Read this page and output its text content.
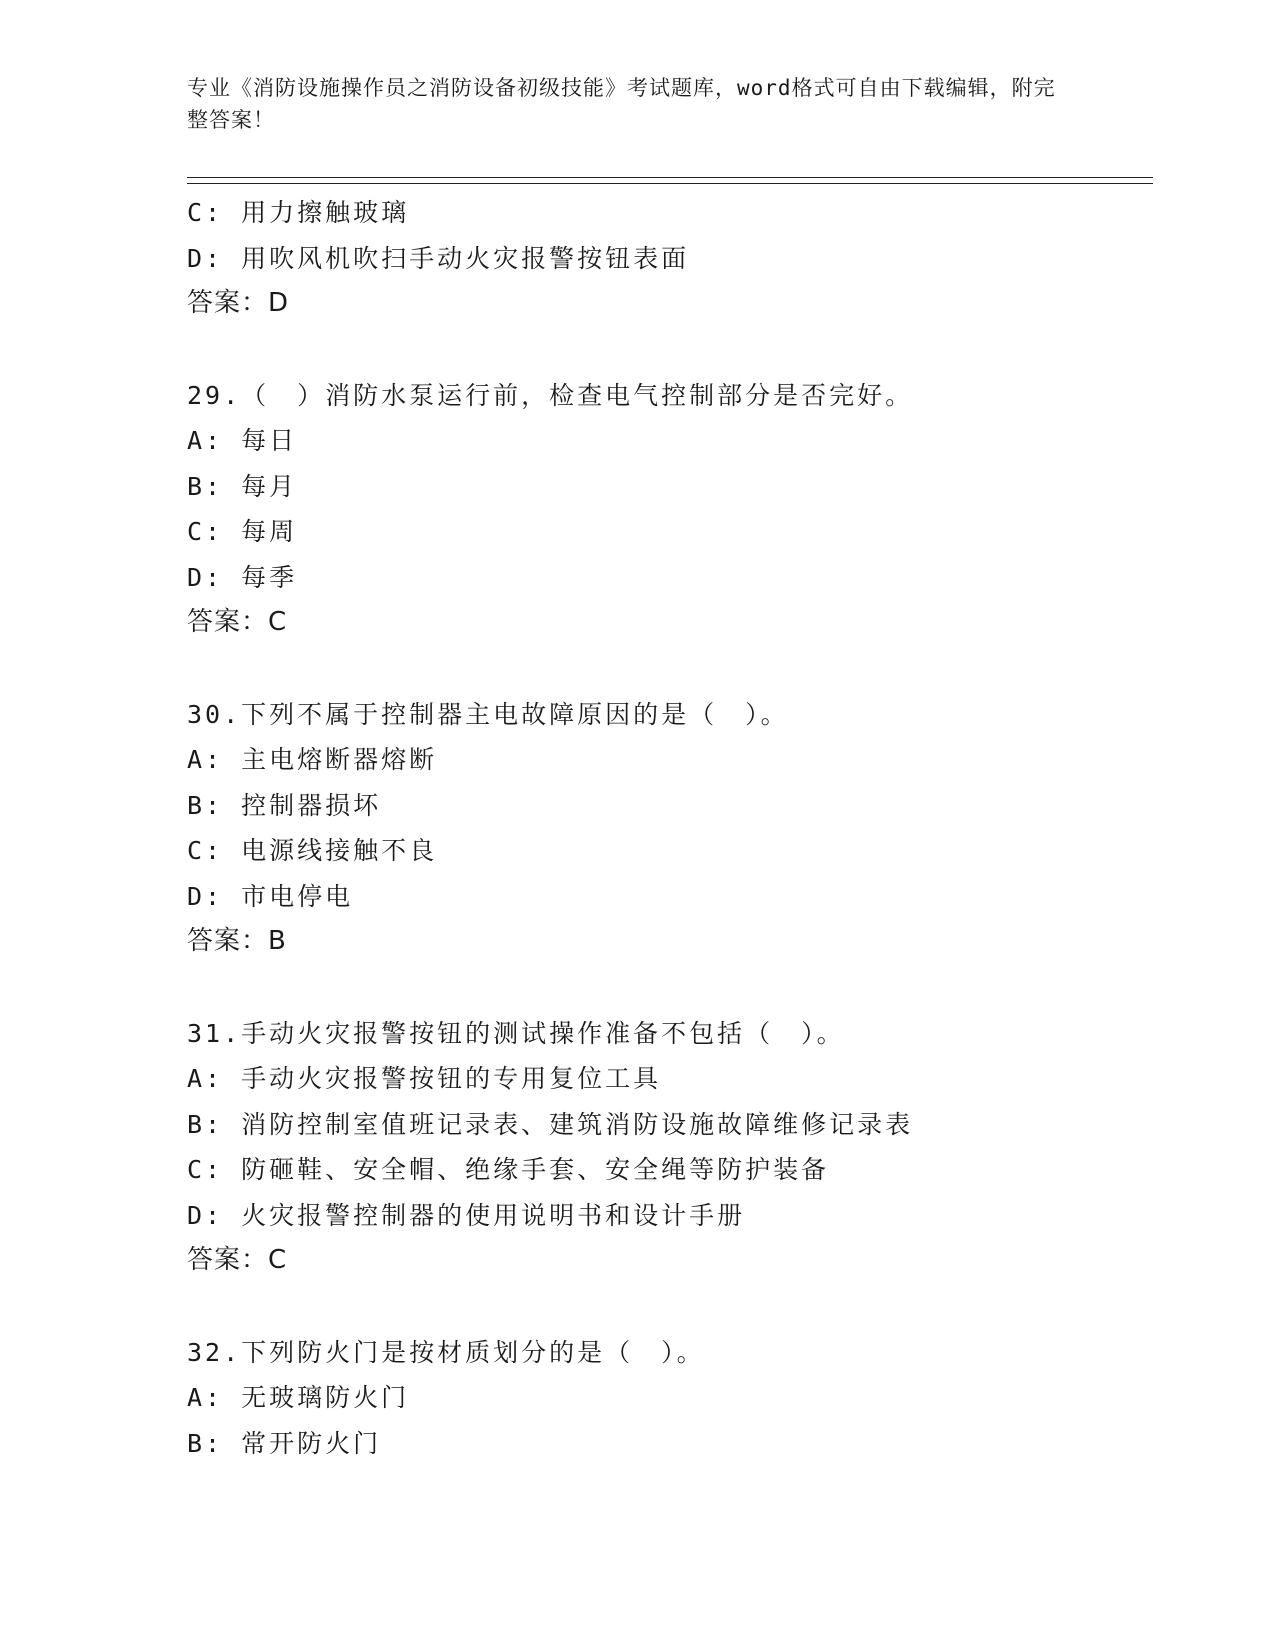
专业《消防设施操作员之消防设备初级技能》考试题库，word格式可自由下载编辑，附完整答案！
C: 用力擦触玻璃
D: 用吹风机吹扫手动火灾报警按钮表面
答案：D
29.（　）消防水泵运行前，检查电气控制部分是否完好。
A: 每日
B: 每月
C: 每周
D: 每季
答案：C
30.下列不属于控制器主电故障原因的是（　）。
A: 主电熔断器熔断
B: 控制器损坏
C: 电源线接触不良
D: 市电停电
答案：B
31.手动火灾报警按钮的测试操作准备不包括（　）。
A: 手动火灾报警按钮的专用复位工具
B: 消防控制室值班记录表、建筑消防设施故障维修记录表
C: 防砸鞋、安全帽、绝缘手套、安全绳等防护装备
D: 火灾报警控制器的使用说明书和设计手册
答案：C
32.下列防火门是按材质划分的是（　）。
A: 无玻璃防火门
B: 常开防火门
